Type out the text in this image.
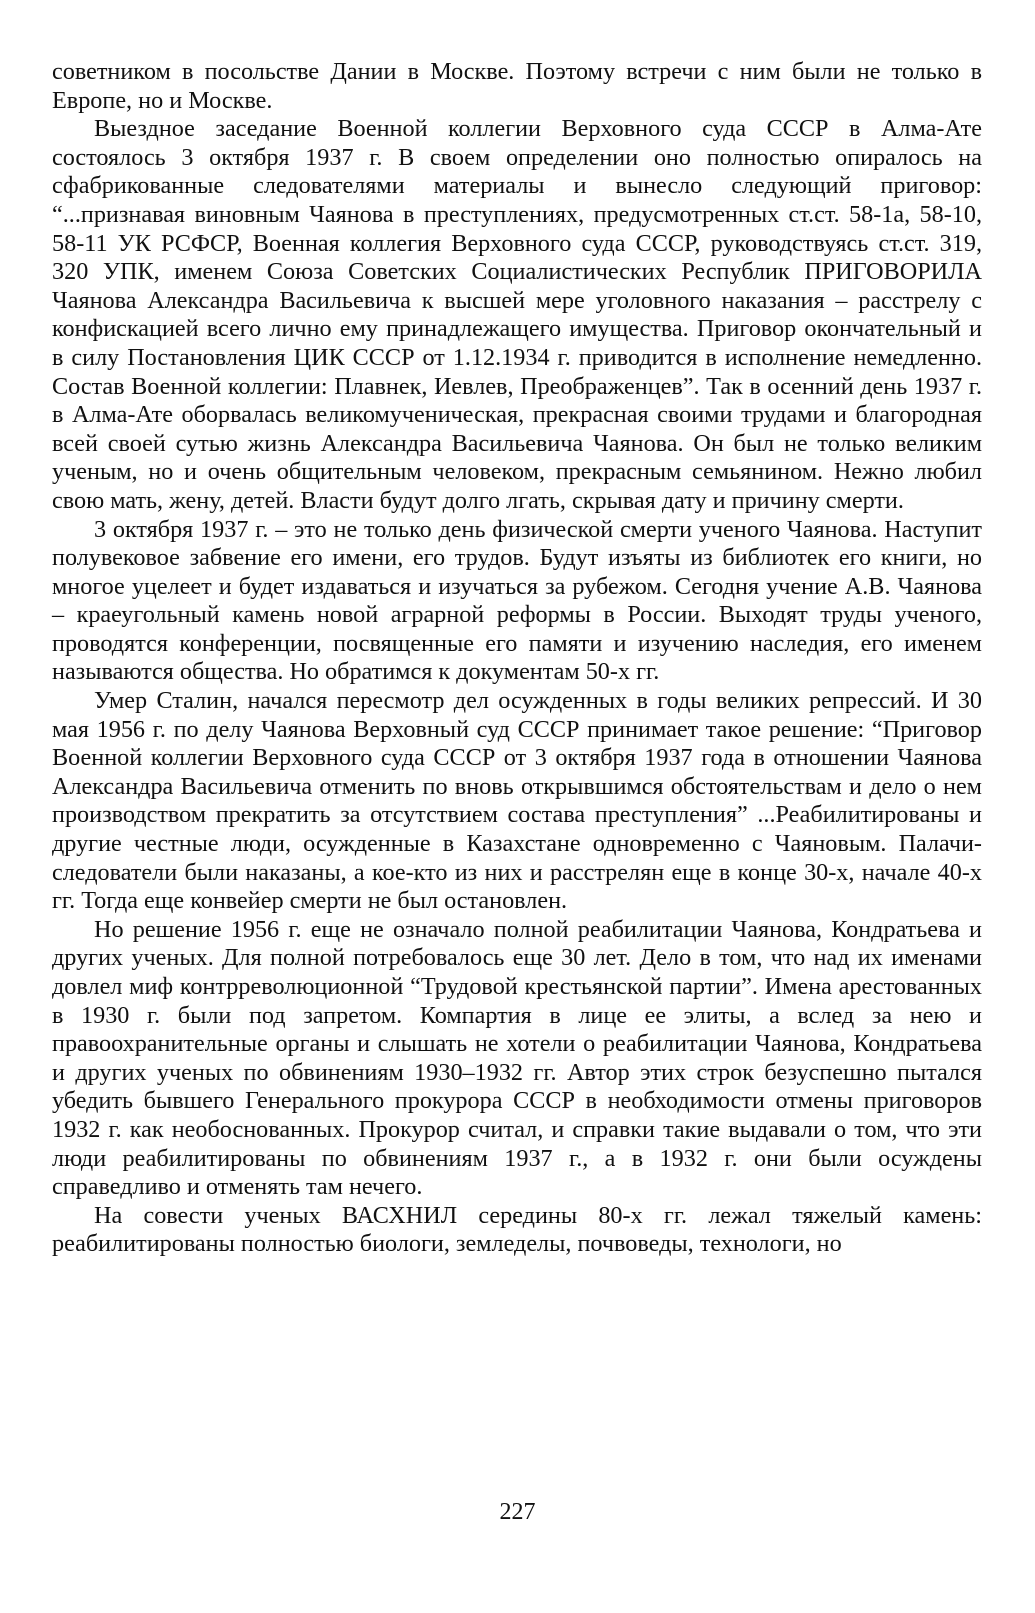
советником в посольстве Дании в Москве. Поэтому встречи с ним были не только в Европе, но и Москве.

Выездное заседание Военной коллегии Верховного суда СССР в Алма-Ате состоялось 3 октября 1937 г. В своем определении оно полностью опиралось на сфабрикованные следователями материалы и вынесло следующий приговор: “...признавая виновным Чаянова в преступлениях, предусмотренных ст.ст. 58-1а, 58-10, 58-11 УК РСФСР, Военная коллегия Верховного суда СССР, руководствуясь ст.ст. 319, 320 УПК, именем Союза Советских Социалистических Республик ПРИГОВОРИЛА Чаянова Александра Васильевича к высшей мере уголовного наказания – расстрелу с конфискацией всего лично ему принадлежащего имущества. Приговор окончательный и в силу Постановления ЦИК СССР от 1.12.1934 г. приводится в исполнение немедленно. Состав Военной коллегии: Плавнек, Иевлев, Преображенцев”. Так в осенний день 1937 г. в Алма-Ате оборвалась великомученическая, прекрасная своими трудами и благородная всей своей сутью жизнь Александра Васильевича Чаянова. Он был не только великим ученым, но и очень общительным человеком, прекрасным семьянином. Нежно любил свою мать, жену, детей. Власти будут долго лгать, скрывая дату и причину смерти.

3 октября 1937 г. – это не только день физической смерти ученого Чаянова. Наступит полувековое забвение его имени, его трудов. Будут изъяты из библиотек его книги, но многое уцелеет и будет издаваться и изучаться за рубежом. Сегодня учение А.В. Чаянова – краеугольный камень новой аграрной реформы в России. Выходят труды ученого, проводятся конференции, посвященные его памяти и изучению наследия, его именем называются общества. Но обратимся к документам 50-х гг.

Умер Сталин, начался пересмотр дел осужденных в годы великих репрессий. И 30 мая 1956 г. по делу Чаянова Верховный суд СССР принимает такое решение: “Приговор Военной коллегии Верховного суда СССР от 3 октября 1937 года в отношении Чаянова Александра Васильевича отменить по вновь открывшимся обстоятельствам и дело о нем производством прекратить за отсутствием состава преступления” ...Реабилитированы и другие честные люди, осужденные в Казахстане одновременно с Чаяновым. Палачи-следователи были наказаны, а кое-кто из них и расстрелян еще в конце 30-х, начале 40-х гг. Тогда еще конвейер смерти не был остановлен.

Но решение 1956 г. еще не означало полной реабилитации Чаянова, Кондратьева и других ученых. Для полной потребовалось еще 30 лет. Дело в том, что над их именами довлел миф контрреволюционной “Трудовой крестьянской партии”. Имена арестованных в 1930 г. были под запретом. Компартия в лице ее элиты, а вслед за нею и правоохранительные органы и слышать не хотели о реабилитации Чаянова, Кондратьева и других ученых по обвинениям 1930–1932 гг. Автор этих строк безуспешно пытался убедить бывшего Генерального прокурора СССР в необходимости отмены приговоров 1932 г. как необоснованных. Прокурор считал, и справки такие выдавали о том, что эти люди реабилитированы по обвинениям 1937 г., а в 1932 г. они были осуждены справедливо и отменять там нечего.

На совести ученых ВАСХНИЛ середины 80-х гг. лежал тяжелый камень: реабилитированы полностью биологи, земледелы, почвоведы, технологи, но

227
